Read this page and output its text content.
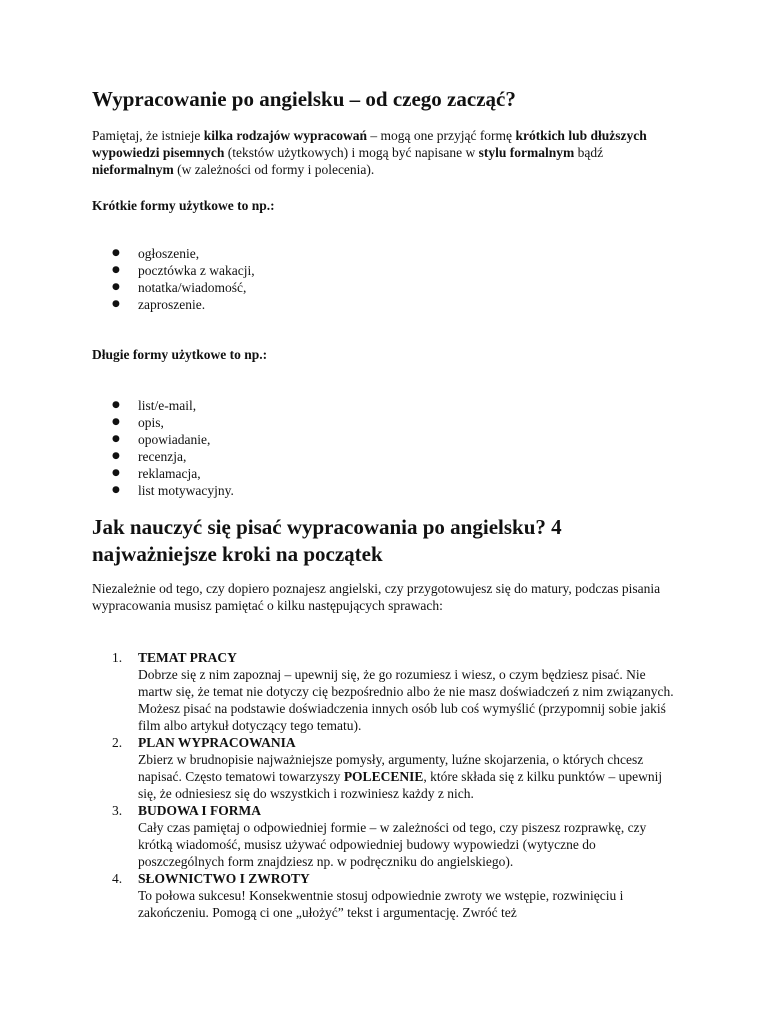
Wypracowanie po angielsku – od czego zacząć?

Pamiętaj, że istnieje kilka rodzajów wypracowań – mogą one przyjąć formę krótkich lub dłuższych wypowiedzi pisemnych (tekstów użytkowych) i mogą być napisane w stylu formalnym bądź nieformalnym (w zależności od formy i polecenia).

Krótkie formy użytkowe to np.:

● ogłoszenie,
● pocztówka z wakacji,
● notatka/wiadomość,
● zaproszenie.

Długie formy użytkowe to np.:

● list/e-mail,
● opis,
● opowiadanie,
● recenzja,
● reklamacja,
● list motywacyjny.
Jak nauczyć się pisać wypracowania po angielsku? 4 najważniejsze kroki na początek

Niezależnie od tego, czy dopiero poznajesz angielski, czy przygotowujesz się do matury, podczas pisania wypracowania musisz pamiętać o kilku następujących sprawach:

1. TEMAT PRACY
Dobrze się z nim zapoznaj – upewnij się, że go rozumiesz i wiesz, o czym będziesz pisać. Nie martw się, że temat nie dotyczy cię bezpośrednio albo że nie masz doświadczeń z nim związanych. Możesz pisać na podstawie doświadczenia innych osób lub coś wymyślić (przypomnij sobie jakiś film albo artykuł dotyczący tego tematu).
2. PLAN WYPRACOWANIA
Zbierz w brudnopisie najważniejsze pomysły, argumenty, luźne skojarzenia, o których chcesz napisać. Często tematowi towarzyszy POLECENIE, które składa się z kilku punktów – upewnij się, że odniesiesz się do wszystkich i rozwiniesz każdy z nich.
3. BUDOWA I FORMA
Cały czas pamiętaj o odpowiedniej formie – w zależności od tego, czy piszesz rozprawkę, czy krótką wiadomość, musisz używać odpowiedniej budowy wypowiedzi (wytyczne do poszczególnych form znajdziesz np. w podręczniku do angielskiego).
4. SŁOWNICTWO I ZWROTY
To połowa sukcesu! Konsekwentnie stosuj odpowiednie zwroty we wstępie, rozwinięciu i zakończeniu. Pomogą ci one „ułożyć” tekst i argumentację. Zwróć też
